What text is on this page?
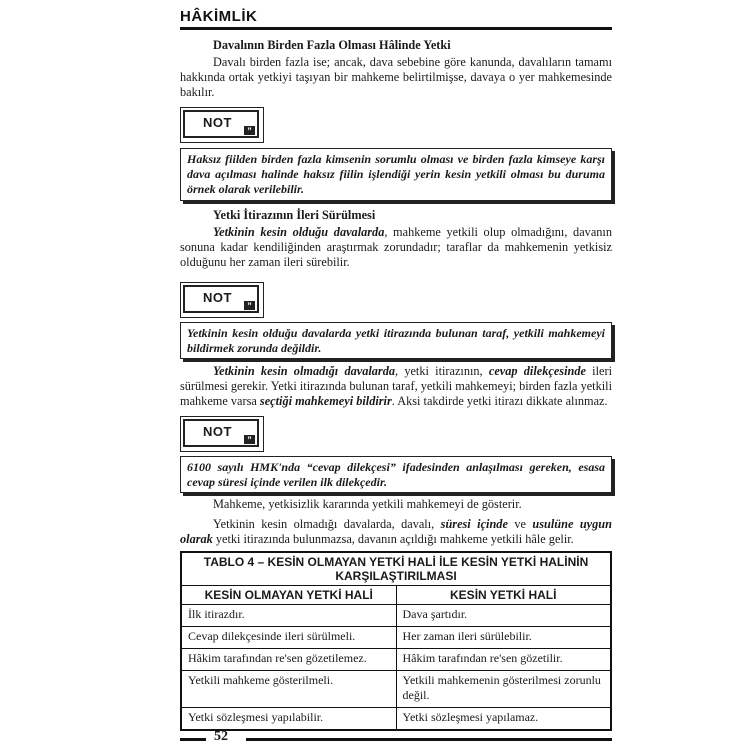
HÂKİMLİK
Davalının Birden Fazla Olması Hâlinde Yetki
Davalı birden fazla ise; ancak, dava sebebine göre kanunda, davalıların tamamı hakkında ortak yetkiyi taşıyan bir mahkeme belirtilmişse, davaya o yer mahkemesinde bakılır.
NOT
”
Haksız fiilden birden fazla kimsenin sorumlu olması ve birden fazla kimseye karşı dava açılması halinde haksız fiilin işlendiği yerin kesin yetkili olması bu duruma örnek olarak verilebilir.
Yetki İtirazının İleri Sürülmesi
Yetkinin kesin olduğu davalarda, mahkeme yetkili olup olmadığını, davanın sonuna kadar kendiliğinden araştırmak zorundadır; taraflar da mahkemenin yetkisiz olduğunu her zaman ileri sürebilir.
NOT
”
Yetkinin kesin olduğu davalarda yetki itirazında bulunan taraf, yetkili mahkemeyi bildirmek zorunda değildir.
Yetkinin kesin olmadığı davalarda, yetki itirazının, cevap dilekçesinde ileri sürülmesi gerekir. Yetki itirazında bulunan taraf, yetkili mahkemeyi; birden fazla yetkili mahkeme varsa seçtiği mahkemeyi bildirir. Aksi takdirde yetki itirazı dikkate alınmaz.
NOT
”
6100 sayılı HMK'nda “cevap dilekçesi” ifadesinden anlaşılması gereken, esasa cevap süresi içinde verilen ilk dilekçedir.
Mahkeme, yetkisizlik kararında yetkili mahkemeyi de gösterir.
Yetkinin kesin olmadığı davalarda, davalı, süresi içinde ve usulüne uygun olarak yetki itirazında bulunmazsa, davanın açıldığı mahkeme yetkili hâle gelir.
TABLO 4 – KESİN OLMAYAN YETKİ HALİ İLE KESİN YETKİ HALİNİN KARŞILAŞTIRILMASI	
KESİN OLMAYAN YETKİ HALİ	KESİN YETKİ HALİ
İlk itirazdır.	Dava şartıdır.
Cevap dilekçesinde ileri sürülmeli.	Her zaman ileri sürülebilir.
Hâkim tarafından re'sen gözetilemez.	Hâkim tarafından re'sen gözetilir.
Yetkili mahkeme gösterilmeli.	Yetkili mahkemenin gösterilmesi zorunlu değil.
Yetki sözleşmesi yapılabilir.	Yetki sözleşmesi yapılamaz.
52
